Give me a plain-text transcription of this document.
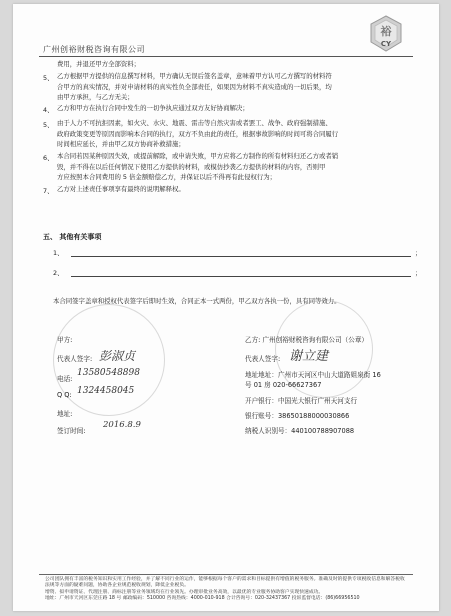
广州创裕财税咨询有限公司
裕
CY
费用，并退还甲方全部资料；
5、 乙方根据甲方提供的信息撰写材料，甲方确认无误后签名盖章，意味着甲方认可乙方撰写的材料符
合甲方的真实情况，并对申请材料的真实性负全部责任，如果因为材料不真实造成的一切后果，均
由甲方承担，与乙方无关；
4、 乙方和甲方在执行合同中发生的一切争执应通过双方友好协商解决；
5、 由于人力不可抗拒因素，如火灾、水灾、地震、雷击等自然灾害或者罢工、战争、政府强制措施、
政府政策变更等原因而影响本合同的执行，双方不负由此的责任，根据事故影响的时间可将合同履行
时间相应延长，并由甲乙双方协商补救措施；
6、 本合同若因某种原因失效，或提前解除，或申请失败，甲方应将乙方制作的所有材料归还乙方或者销
毁，并不得在以后任何情况下使用乙方提供的材料，或模仿抄袭乙方提供的材料的内容，否则甲
方应按照本合同费用的 5 倍金额赔偿乙方，并保证以后不得再有此侵权行为；
7、 乙方对上述责任事项享有最终的说明解释权。
五、 其他有关事项
1、	；
2、	；
本合同签字盖章和授权代表签字后即时生效，合同正本一式两份，甲乙双方各执一份，具有同等效力。
甲方:
代表人签字: 彭淑贞
电话:
13580548898
Q Q: 1324458045
地址:
签订时间:
2016.8.9
乙方: 广州创裕财税咨询有限公司（公章）
代表人签字: 谢立建
地址地址：广州市天河区中山大道路姐泉街 16
号 01 房 020-66627367
开户银行：中国光大银行广州天河支行
银行账号：38650188000030866
纳税人识别号：440100788907088
公司团队拥有丰富的税务知识和实用工作经验，并了解不同行业的运作，能够根据每个客户的需求和目标提供有增值的税务服务。准确及时的提供专项税收信息和解答税收法规等方面的疑难问题，协助各企业规范税收规划，降低企业税负。
增资、拟申请资证、代理注册、商标注册等业务领域均在行业领先。办理审批业务高效，以最优的专业服务协助客户实现快速成功。
地址：广州市天河区东莞庄路 18 号 邮政编码：510000 咨询热线：4000-010-918 合计咨询号：020-32437367 投诉监督电话：(86)66956510
